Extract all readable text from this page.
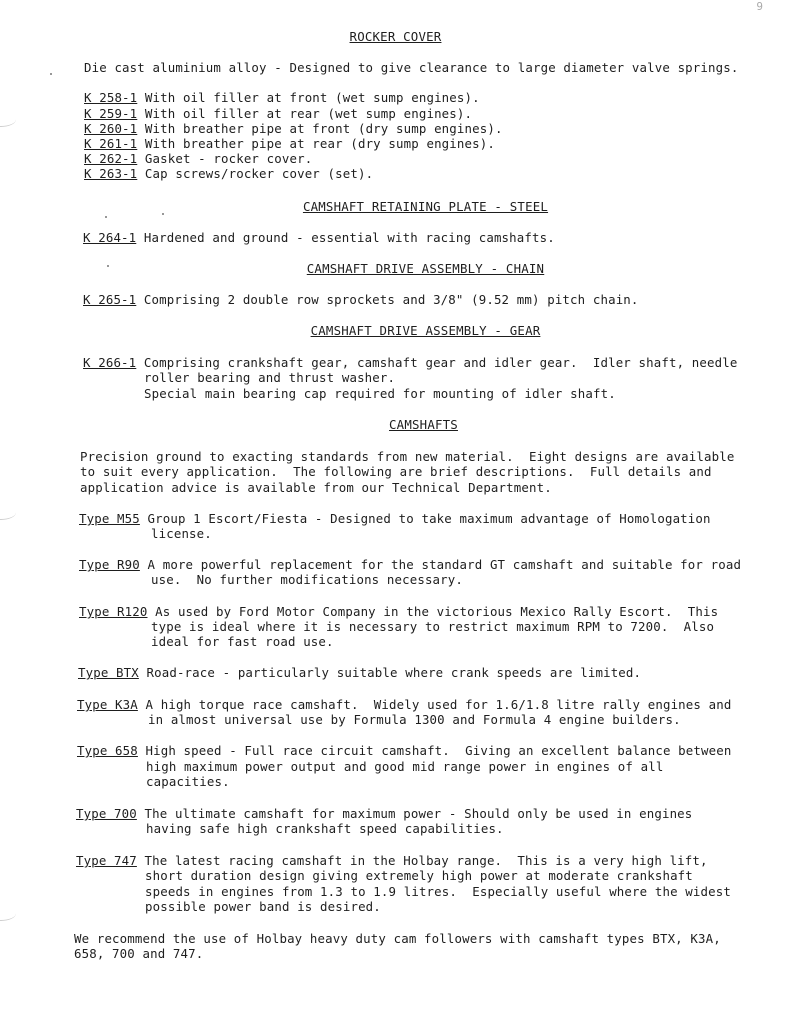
9
ROCKER COVER
Die cast aluminium alloy - Designed to give clearance to large diameter valve springs.
K 258-1 With oil filler at front (wet sump engines).
K 259-1 With oil filler at rear (wet sump engines).
K 260-1 With breather pipe at front (dry sump engines).
K 261-1 With breather pipe at rear (dry sump engines).
K 262-1 Gasket - rocker cover.
K 263-1 Cap screws/rocker cover (set).
CAMSHAFT RETAINING PLATE - STEEL
K 264-1 Hardened and ground - essential with racing camshafts.
CAMSHAFT DRIVE ASSEMBLY - CHAIN
K 265-1 Comprising 2 double row sprockets and 3/8" (9.52 mm) pitch chain.
CAMSHAFT DRIVE ASSEMBLY - GEAR
K 266-1 Comprising crankshaft gear, camshaft gear and idler gear.  Idler shaft, needle
roller bearing and thrust washer.
Special main bearing cap required for mounting of idler shaft.
CAMSHAFTS
Precision ground to exacting standards from new material.  Eight designs are available
to suit every application.  The following are brief descriptions.  Full details and
application advice is available from our Technical Department.
Type M55 Group 1 Escort/Fiesta - Designed to take maximum advantage of Homologation
license.
Type R90 A more powerful replacement for the standard GT camshaft and suitable for road
use.  No further modifications necessary.
Type R120 As used by Ford Motor Company in the victorious Mexico Rally Escort.  This
type is ideal where it is necessary to restrict maximum RPM to 7200.  Also
ideal for fast road use.
Type BTX Road-race - particularly suitable where crank speeds are limited.
Type K3A A high torque race camshaft.  Widely used for 1.6/1.8 litre rally engines and
in almost universal use by Formula 1300 and Formula 4 engine builders.
Type 658 High speed - Full race circuit camshaft.  Giving an excellent balance between
high maximum power output and good mid range power in engines of all
capacities.
Type 700 The ultimate camshaft for maximum power - Should only be used in engines
having safe high crankshaft speed capabilities.
Type 747 The latest racing camshaft in the Holbay range.  This is a very high lift,
short duration design giving extremely high power at moderate crankshaft
speeds in engines from 1.3 to 1.9 litres.  Especially useful where the widest
possible power band is desired.
We recommend the use of Holbay heavy duty cam followers with camshaft types BTX, K3A,
658, 700 and 747.
